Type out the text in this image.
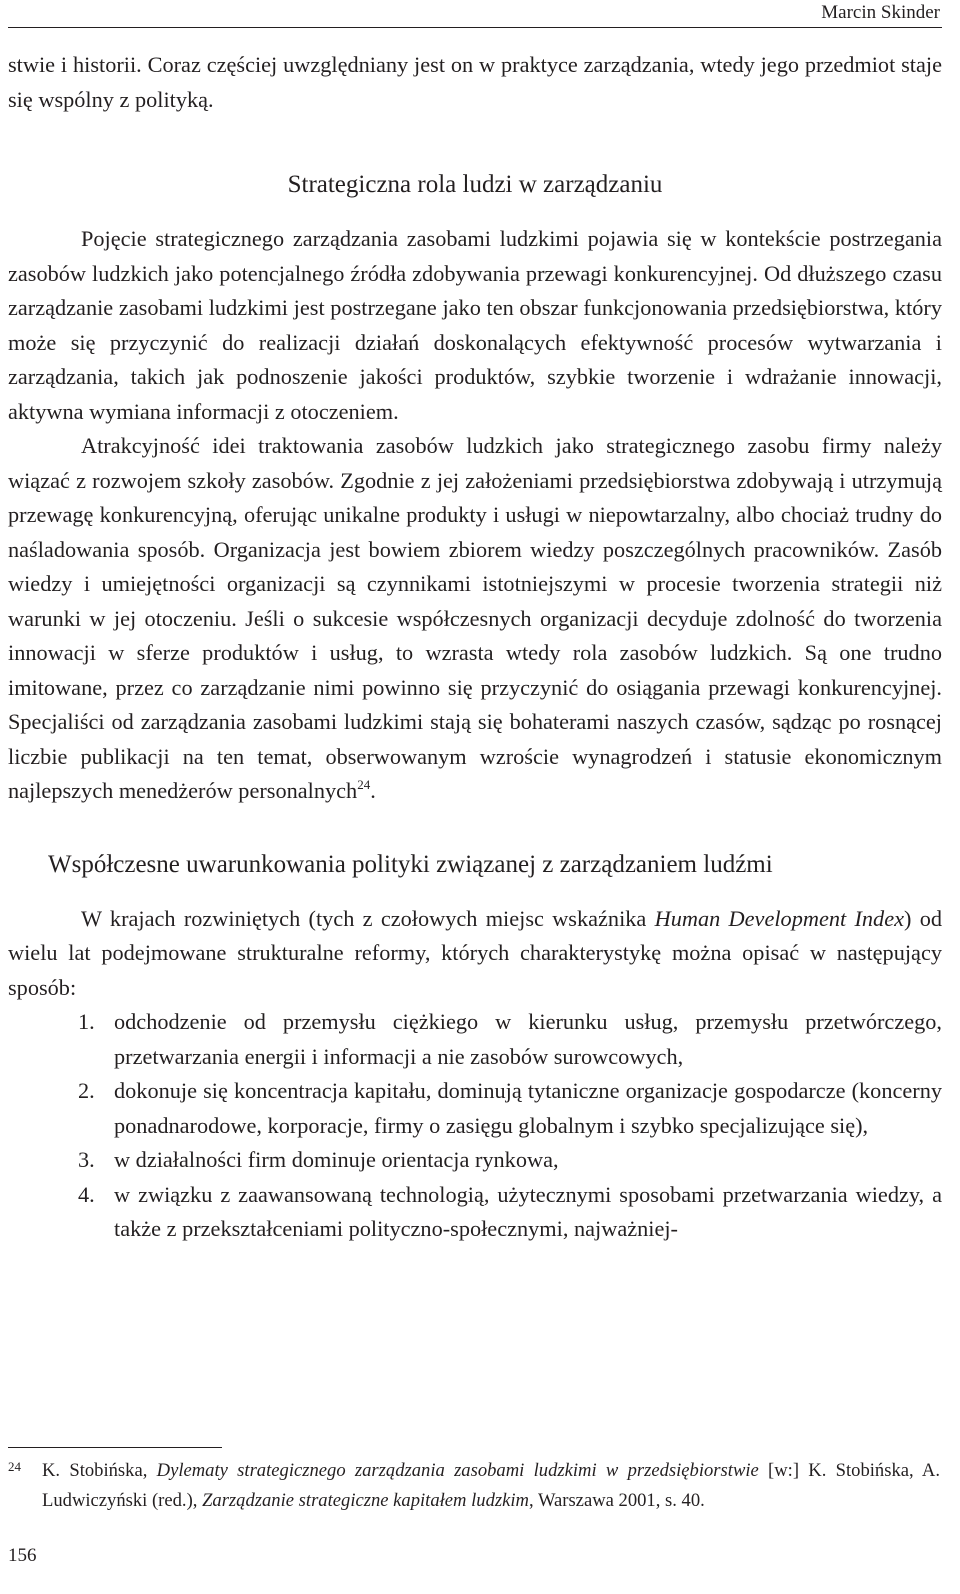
Marcin Skinder

stwie i historii. Coraz częściej uwzględniany jest on w praktyce zarządzania, wtedy jego przedmiot staje się wspólny z polityką.

Strategiczna rola ludzi w zarządzaniu

Pojęcie strategicznego zarządzania zasobami ludzkimi pojawia się w kontekście postrzegania zasobów ludzkich jako potencjalnego źródła zdobywania przewagi konkurencyjnej. Od dłuższego czasu zarządzanie zasobami ludzkimi jest postrzegane jako ten obszar funkcjonowania przedsiębiorstwa, który może się przyczynić do realizacji działań doskonalących efektywność procesów wytwarzania i zarządzania, takich jak podnoszenie jakości produktów, szybkie tworzenie i wdrażanie innowacji, aktywna wymiana informacji z otoczeniem.

Atrakcyjność idei traktowania zasobów ludzkich jako strategicznego zasobu firmy należy wiązać z rozwojem szkoły zasobów. Zgodnie z jej założeniami przedsiębiorstwa zdobywają i utrzymują przewagę konkurencyjną, oferując unikalne produkty i usługi w niepowtarzalny, albo chociaż trudny do naśladowania sposób. Organizacja jest bowiem zbiorem wiedzy poszczególnych pracowników. Zasób wiedzy i umiejętności organizacji są czynnikami istotniejszymi w procesie tworzenia strategii niż warunki w jej otoczeniu. Jeśli o sukcesie współczesnych organizacji decyduje zdolność do tworzenia innowacji w sferze produktów i usług, to wzrasta wtedy rola zasobów ludzkich. Są one trudno imitowane, przez co zarządzanie nimi powinno się przyczynić do osiągania przewagi konkurencyjnej. Specjaliści od zarządzania zasobami ludzkimi stają się bohaterami naszych czasów, sądząc po rosnącej liczbie publikacji na ten temat, obserwowanym wzroście wynagrodzeń i statusie ekonomicznym najlepszych menedżerów personalnych$^{24}$.

Współczesne uwarunkowania polityki związanej z zarządzaniem ludźmi

W krajach rozwiniętych (tych z czołowych miejsc wskaźnika Human Development Index) od wielu lat podejmowane strukturalne reformy, których charakterystykę można opisać w następujący sposób:

1. odchodzenie od przemysłu ciężkiego w kierunku usług, przemysłu przetwórczego, przetwarzania energii i informacji a nie zasobów surowcowych,
2. dokonuje się koncentracja kapitału, dominują tytaniczne organizacje gospodarcze (koncerny ponadnarodowe, korporacje, firmy o zasięgu globalnym i szybko specjalizujące się),
3. w działalności firm dominuje orientacja rynkowa,
4. w związku z zaawansowaną technologią, użytecznymi sposobami przetwarzania wiedzy, a także z przekształceniami polityczno-społecznymi, najważniej-
24	K. Stobińska, Dylematy strategicznego zarządzania zasobami ludzkimi w przedsiębiorstwie [w:] K. Stobińska, A. Ludwiczyński (red.), Zarządzanie strategiczne kapitałem ludzkim, Warszawa 2001, s. 40.
156
